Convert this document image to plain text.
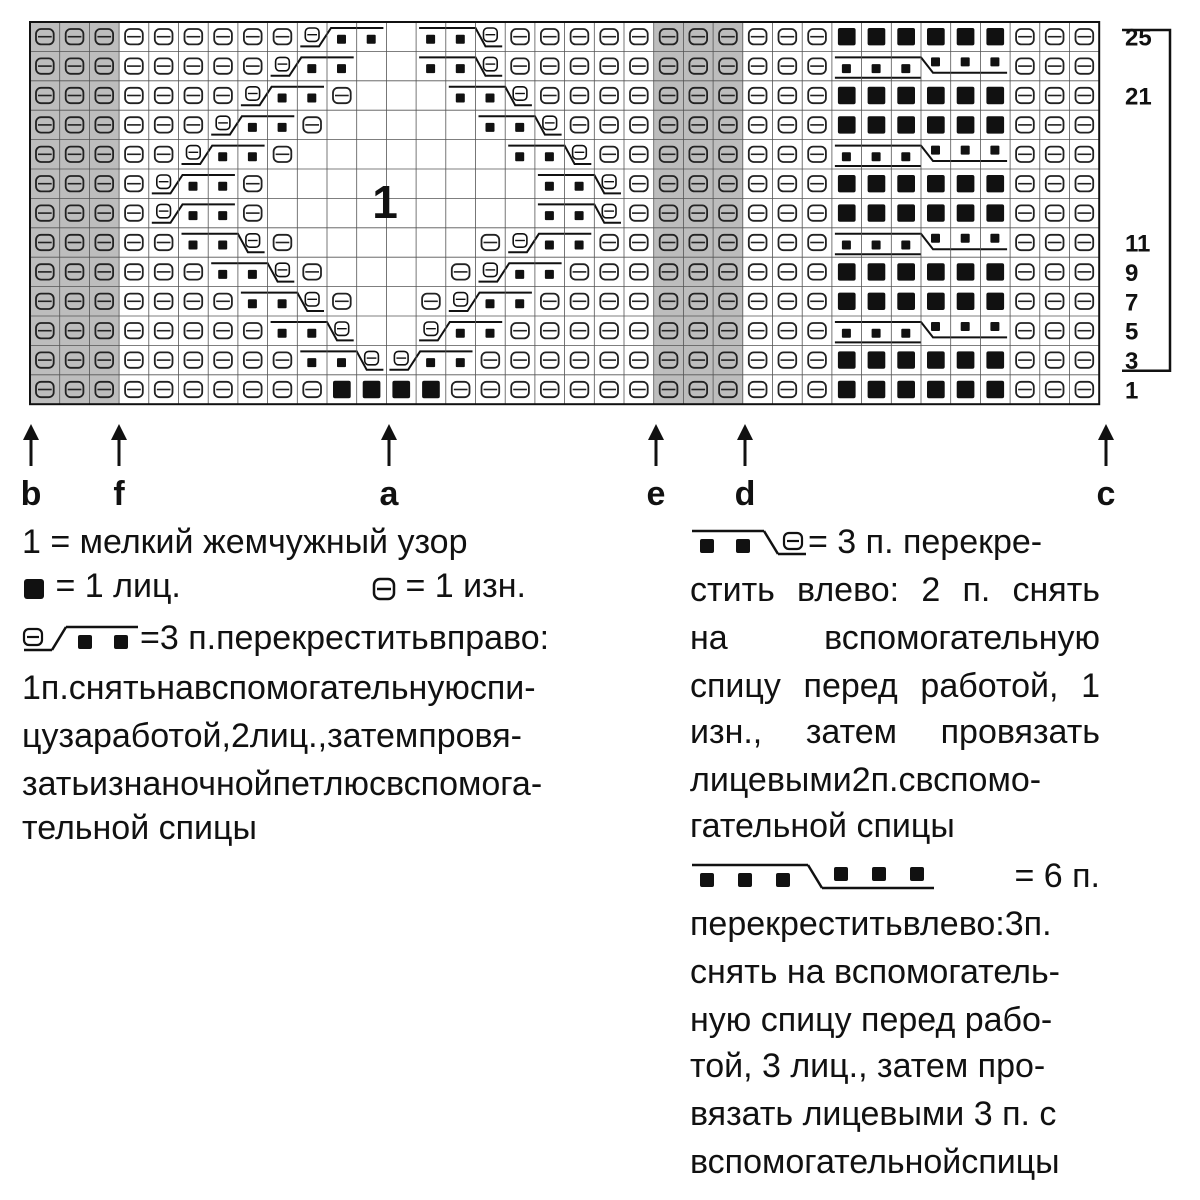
1
25
21
11
9
7
5
3
1
b f	a	e d	c
1 = мелкий жемчужный узор
= 1 лиц.	= 1 изн.
=3 п.перекреститьвправо:
1п.снятьнавспомогательнуюспи-
цузаработой,2лиц.,затемпровя-
затьизнаночнойпетлюсвспомога-
тельной спицы
= 3 п. перекре-
стить влево: 2 п. снять
на вспомогательную
спицу перед работой, 1
изн., затем провязать
лицевыми2п.свспомо-
гательной спицы
= 6 п.
перекреститьвлево:3п.
снять на вспомогатель-
ную спицу перед рабо-
той, 3 лиц., затем про-
вязать лицевыми 3 п. с
вспомогательнойспицы
